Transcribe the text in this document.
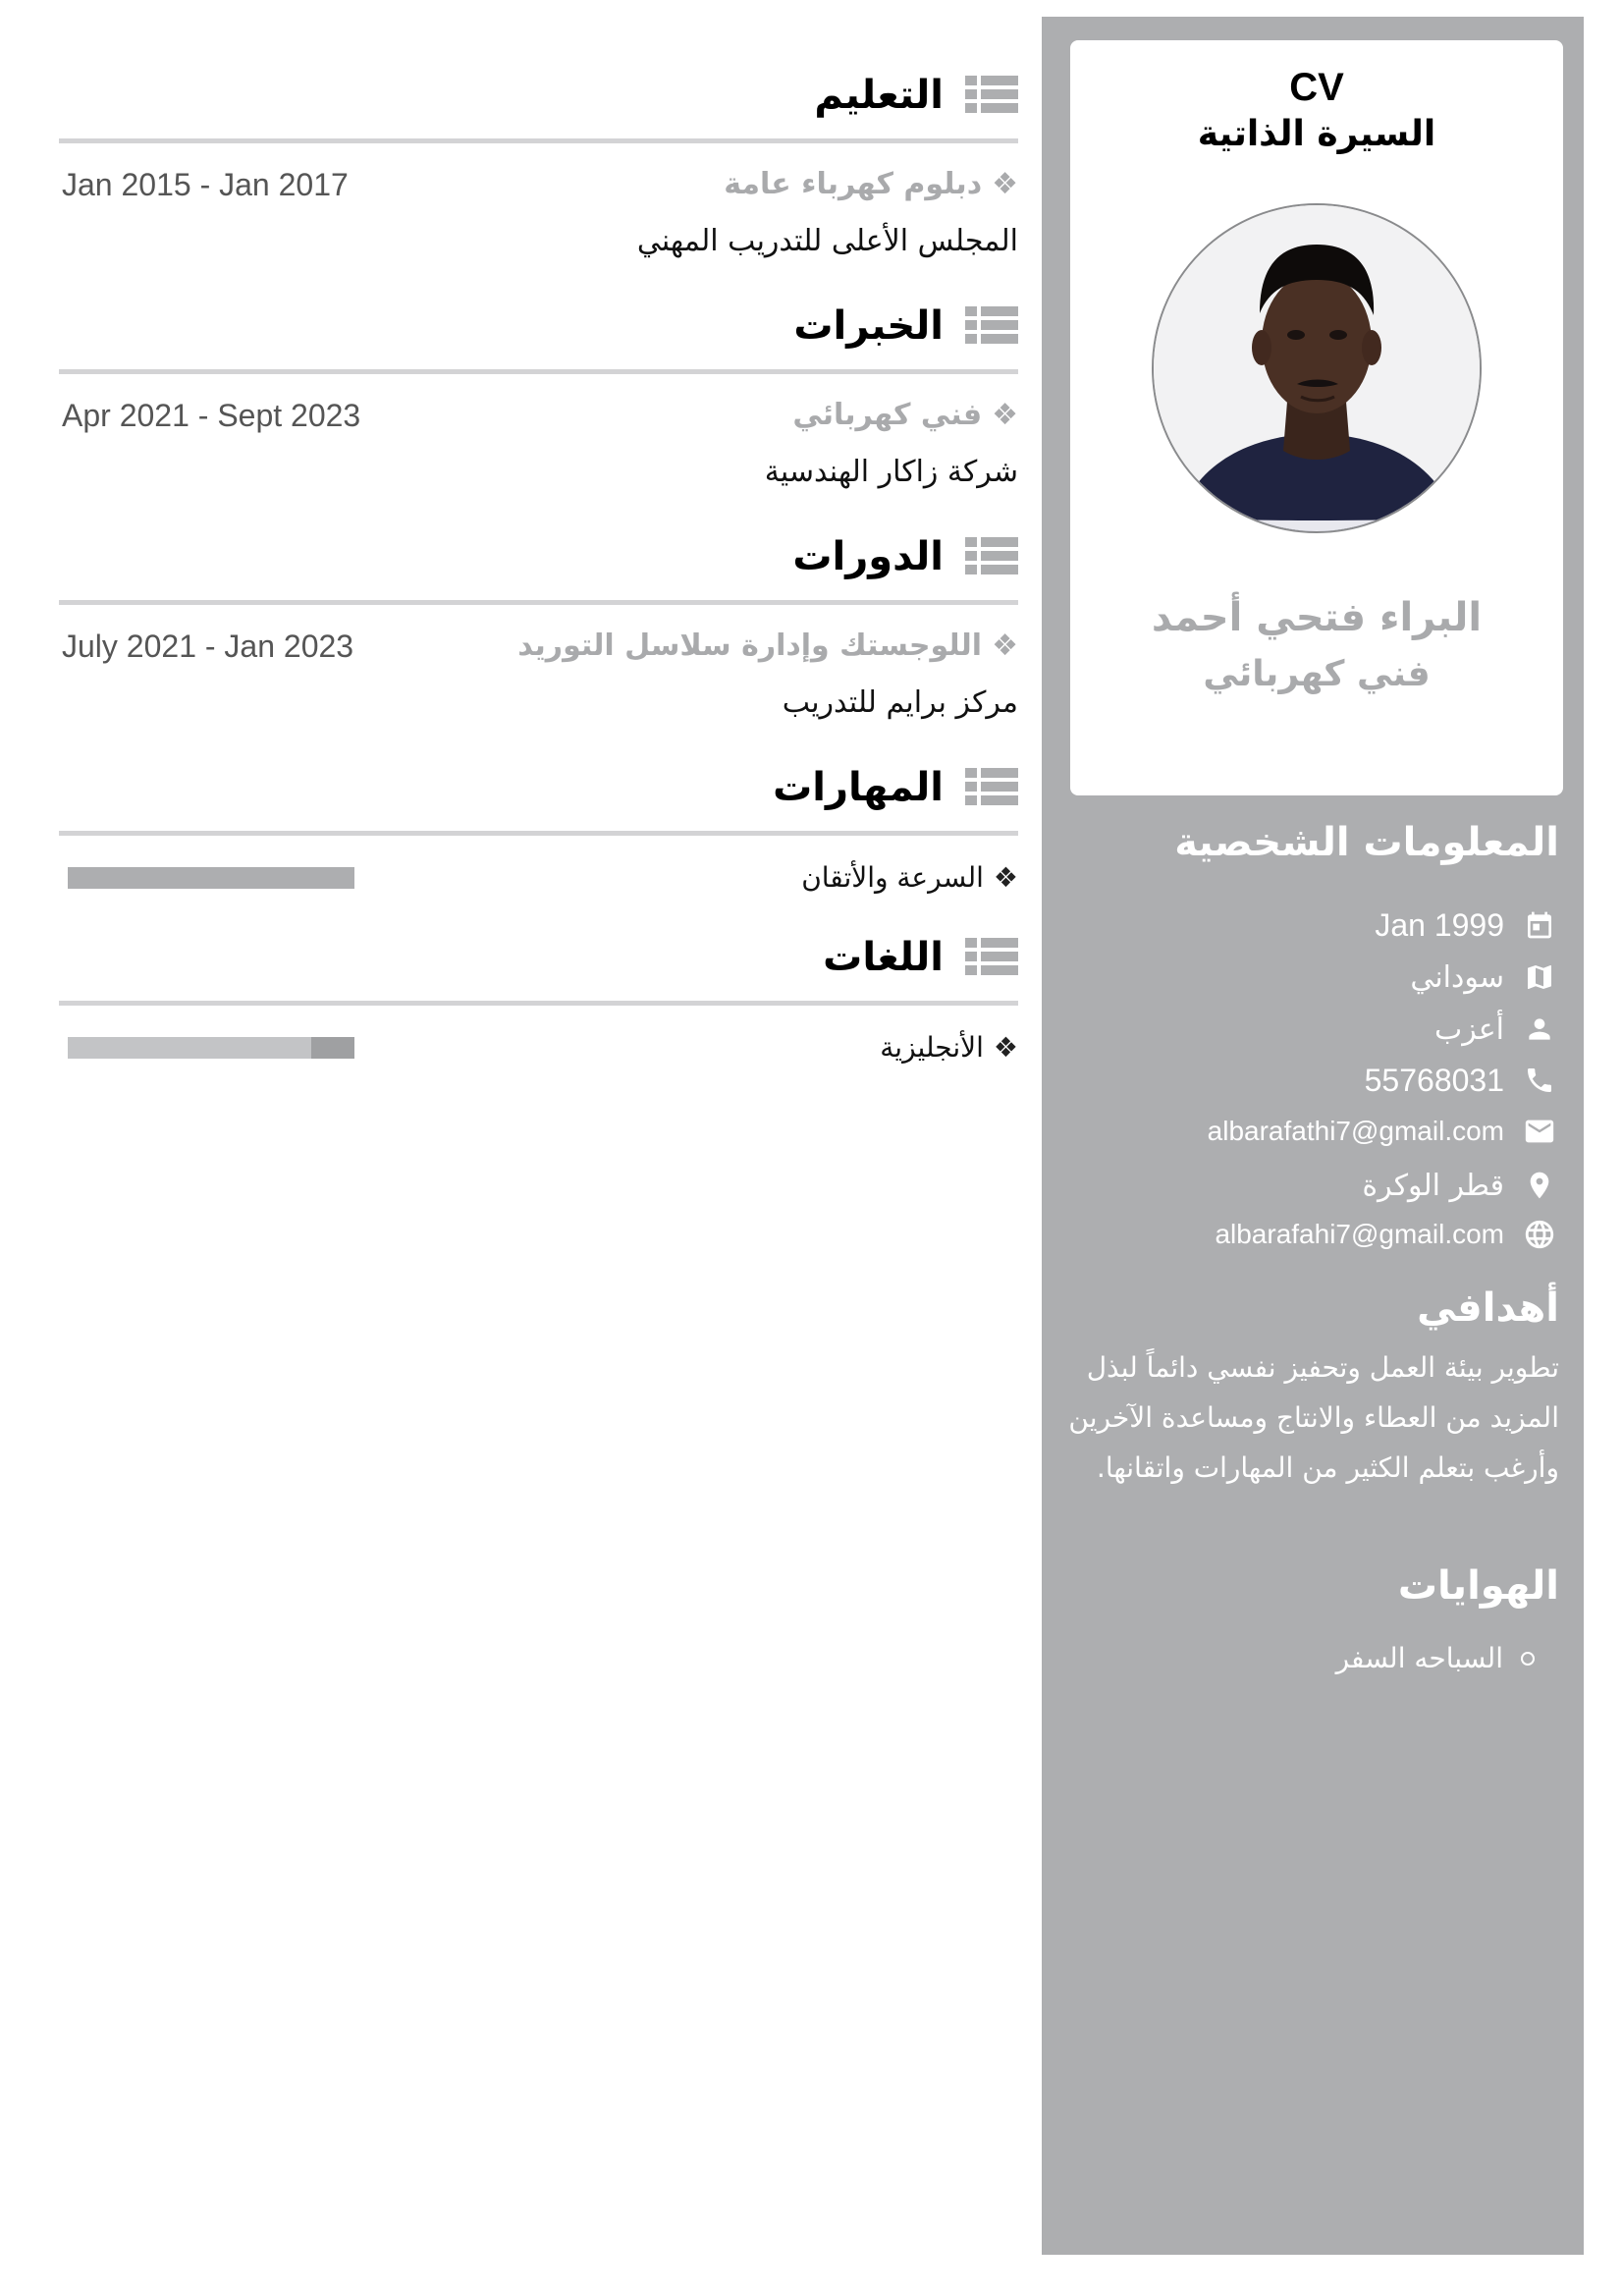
CV
السيرة الذاتية
البراء فتحي أحمد
فني كهربائي
المعلومات الشخصية
Jan 1999
سوداني
أعزب
55768031
albarafathi7@gmail.com
قطر الوكرة
albarafahi7@gmail.com
أهدافي
تطوير بيئة العمل وتحفيز نفسي دائماً لبذل
المزيد من العطاء والانتاج ومساعدة الآخرين
وأرغب بتعلم الكثير من المهارات واتقانها.
الهوايات
السباحه السفر
التعليم
❖دبلوم كهرباء عامة
Jan 2015 - Jan 2017
المجلس الأعلى للتدريب المهني
الخبرات
❖فني كهربائي
Apr 2021 - Sept 2023
شركة زاكار الهندسية
الدورات
❖اللوجستك وإدارة سلاسل التوريد
July 2021 - Jan 2023
مركز برايم للتدريب
المهارات
❖السرعة والأتقان
اللغات
❖الأنجليزية
